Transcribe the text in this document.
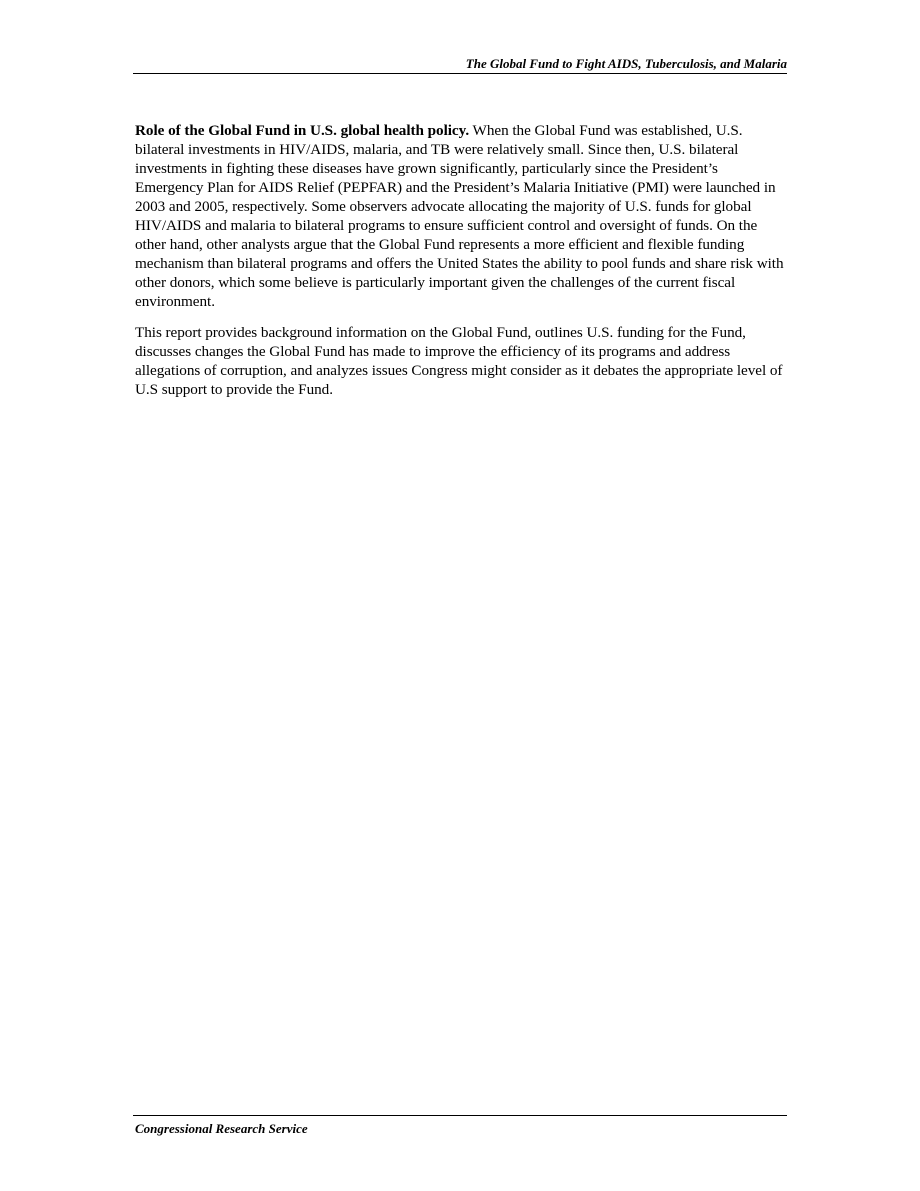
The Global Fund to Fight AIDS, Tuberculosis, and Malaria

Role of the Global Fund in U.S. global health policy. When the Global Fund was established, U.S. bilateral investments in HIV/AIDS, malaria, and TB were relatively small. Since then, U.S. bilateral investments in fighting these diseases have grown significantly, particularly since the President’s Emergency Plan for AIDS Relief (PEPFAR) and the President’s Malaria Initiative (PMI) were launched in 2003 and 2005, respectively. Some observers advocate allocating the majority of U.S. funds for global HIV/AIDS and malaria to bilateral programs to ensure sufficient control and oversight of funds. On the other hand, other analysts argue that the Global Fund represents a more efficient and flexible funding mechanism than bilateral programs and offers the United States the ability to pool funds and share risk with other donors, which some believe is particularly important given the challenges of the current fiscal environment.

This report provides background information on the Global Fund, outlines U.S. funding for the Fund, discusses changes the Global Fund has made to improve the efficiency of its programs and address allegations of corruption, and analyzes issues Congress might consider as it debates the appropriate level of U.S support to provide the Fund.

Congressional Research Service
